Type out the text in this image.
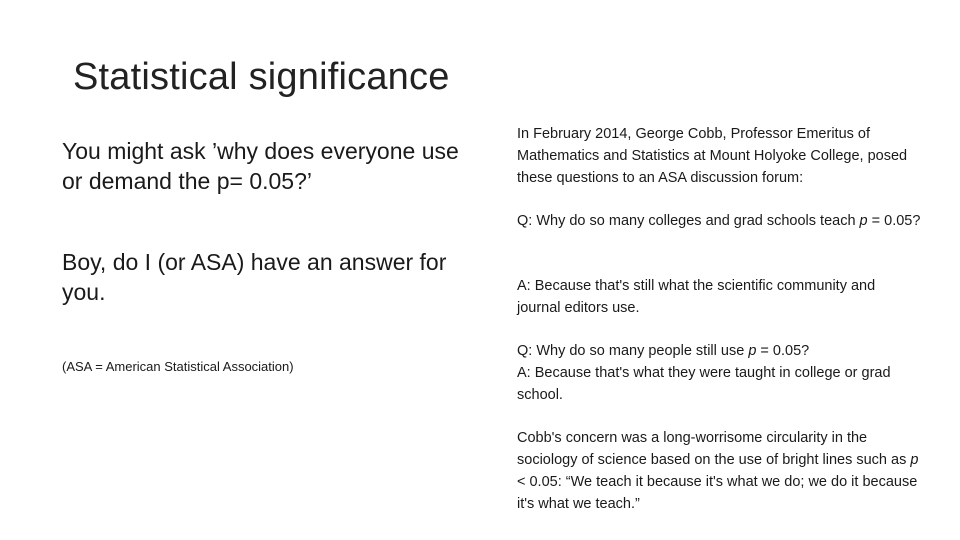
Statistical significance
You might ask ’why does everyone use or demand the p= 0.05?’
Boy, do I (or ASA) have an answer for you.
(ASA = American Statistical Association)
In February 2014, George Cobb, Professor Emeritus of Mathematics and Statistics at Mount Holyoke College, posed these questions to an ASA discussion forum:
Q: Why do so many colleges and grad schools teach p = 0.05?
A: Because that's still what the scientific community and journal editors use.
Q: Why do so many people still use p = 0.05?
A: Because that's what they were taught in college or grad school.
Cobb's concern was a long-worrisome circularity in the sociology of science based on the use of bright lines such as p < 0.05: “We teach it because it's what we do; we do it because it's what we teach.”
